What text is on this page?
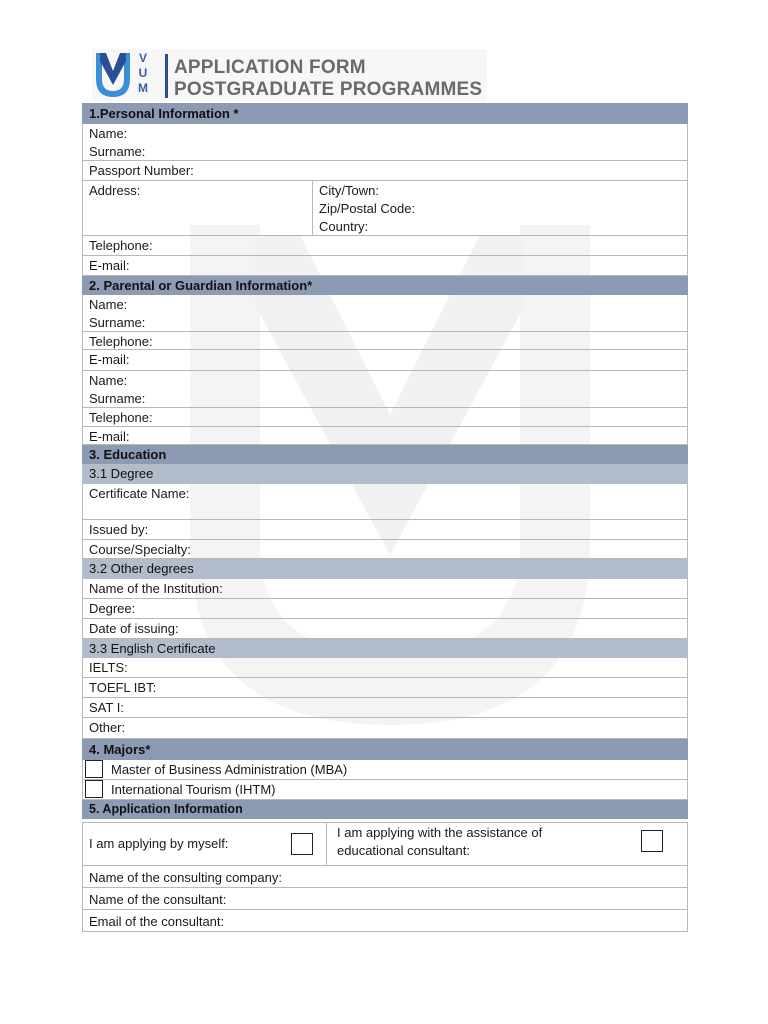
V
U
M
APPLICATION FORM
POSTGRADUATE PROGRAMMES
1.Personal Information *
Name:
Surname:
Passport Number:
Address:	City/Town:
Zip/Postal Code:
Country:
Telephone:
E-mail:
2. Parental or Guardian Information*
Name:
Surname:
Telephone:
E-mail:
Name:
Surname:
Telephone:
E-mail:
3. Education
3.1 Degree
Certificate Name:
Issued by:
Course/Specialty:
3.2 Other degrees
Name of the Institution:
Degree:
Date of issuing:
3.3 English Certificate
IELTS:
TOEFL IBT:
SAT I:
Other:
4. Majors*
Master of Business Administration (MBA)
International Tourism (IHTM)
5. Application Information
I am applying by myself:
I am applying with the assistance of
educational consultant:
Name of the consulting company:
Name of the consultant:
Email of the consultant:
